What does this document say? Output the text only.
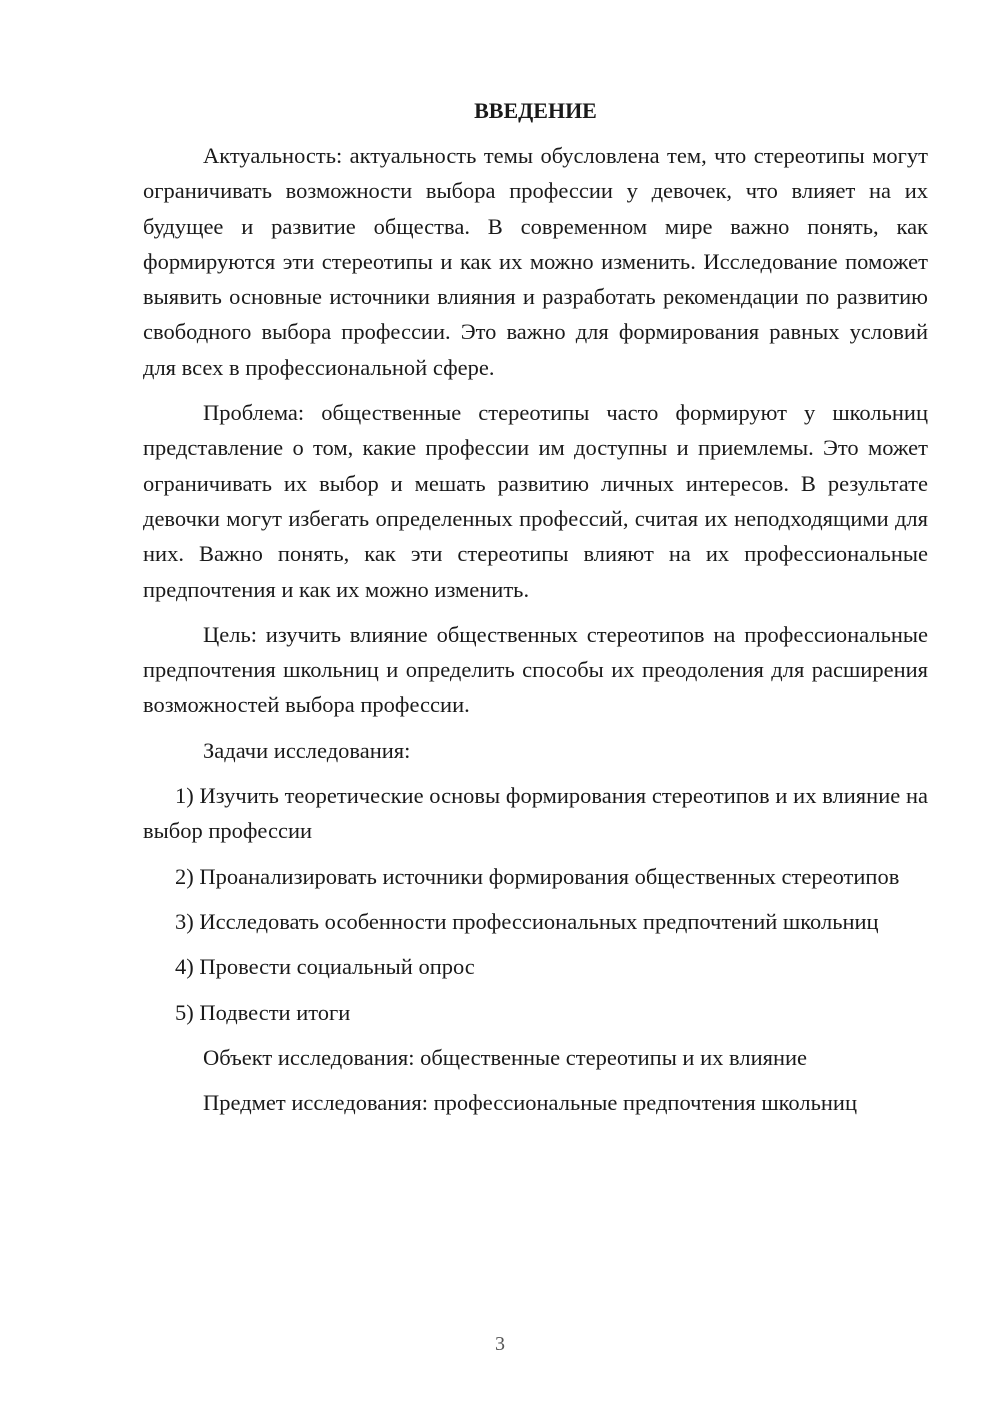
ВВЕДЕНИЕ

Актуальность: актуальность темы обусловлена тем, что стереотипы могут ограничивать возможности выбора профессии у девочек, что влияет на их будущее и развитие общества. В современном мире важно понять, как формируются эти стереотипы и как их можно изменить. Исследование поможет выявить основные источники влияния и разработать рекомендации по развитию свободного выбора профессии. Это важно для формирования равных условий для всех в профессиональной сфере.

Проблема: общественные стереотипы часто формируют у школьниц представление о том, какие профессии им доступны и приемлемы. Это может ограничивать их выбор и мешать развитию личных интересов. В результате девочки могут избегать определенных профессий, считая их неподходящими для них. Важно понять, как эти стереотипы влияют на их профессиональные предпочтения и как их можно изменить.

Цель: изучить влияние общественных стереотипов на профессиональные предпочтения школьниц и определить способы их преодоления для расширения возможностей выбора профессии.

Задачи исследования:

1) Изучить теоретические основы формирования стереотипов и их влияние на выбор профессии

2) Проанализировать источники формирования общественных стереотипов

3) Исследовать особенности профессиональных предпочтений школьниц

4) Провести социальный опрос

5) Подвести итоги

Объект исследования: общественные стереотипы и их влияние

Предмет исследования: профессиональные предпочтения школьниц

3
